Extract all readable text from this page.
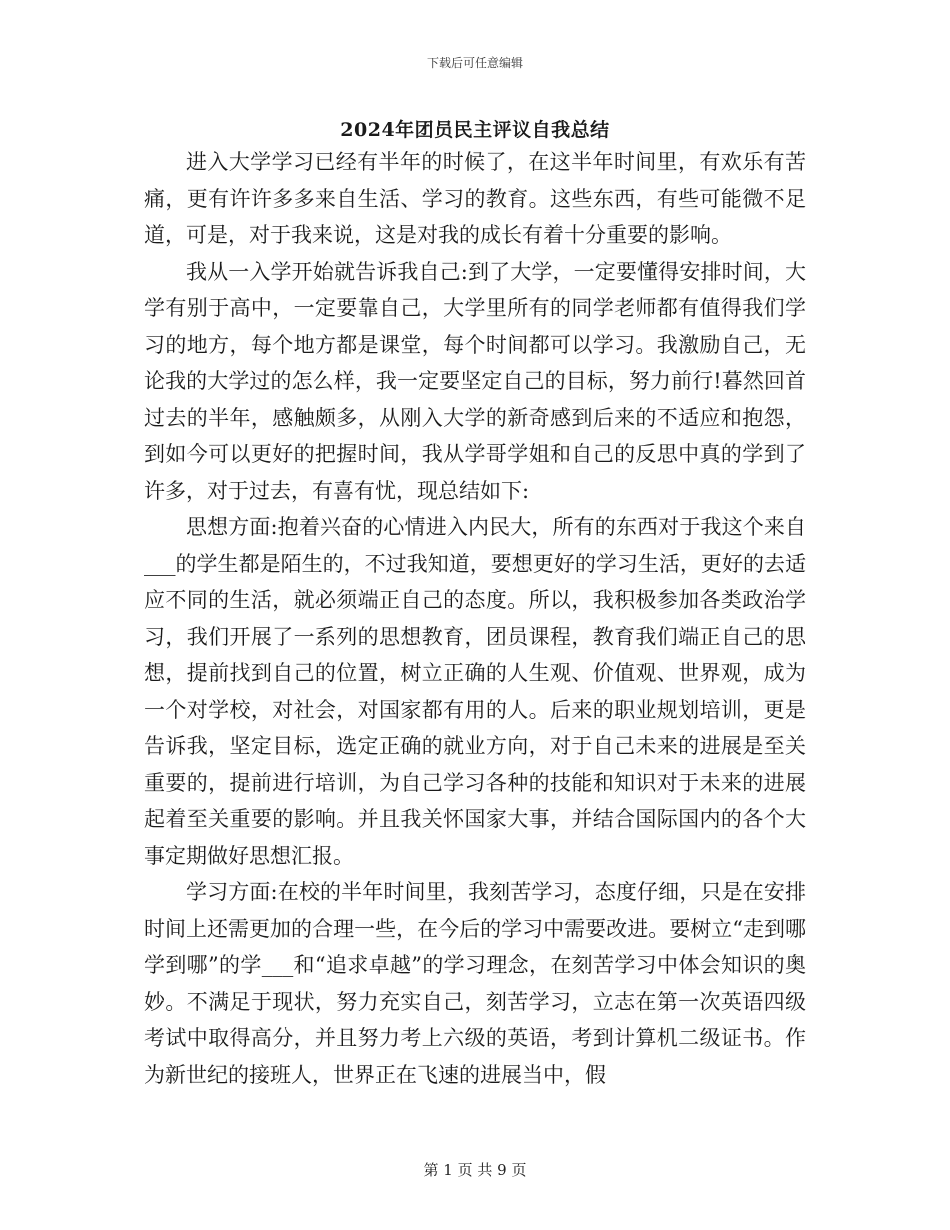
下载后可任意编辑
2024年团员民主评议自我总结

进入大学学习已经有半年的时候了，在这半年时间里，有欢乐有苦痛，更有许许多多来自生活、学习的教育。这些东西，有些可能微不足道，可是，对于我来说，这是对我的成长有着十分重要的影响。

我从一入学开始就告诉我自己:到了大学，一定要懂得安排时间，大学有别于高中，一定要靠自己，大学里所有的同学老师都有值得我们学习的地方，每个地方都是课堂，每个时间都可以学习。我激励自己，无论我的大学过的怎么样，我一定要坚定自己的目标，努力前行!暮然回首过去的半年，感触颇多，从刚入大学的新奇感到后来的不适应和抱怨，到如今可以更好的把握时间，我从学哥学姐和自己的反思中真的学到了许多，对于过去，有喜有忧，现总结如下:

思想方面:抱着兴奋的心情进入内民大，所有的东西对于我这个来自___的学生都是陌生的，不过我知道，要想更好的学习生活，更好的去适应不同的生活，就必须端正自己的态度。所以，我积极参加各类政治学习，我们开展了一系列的思想教育，团员课程，教育我们端正自己的思想，提前找到自己的位置，树立正确的人生观、价值观、世界观，成为一个对学校，对社会，对国家都有用的人。后来的职业规划培训，更是告诉我，坚定目标，选定正确的就业方向，对于自己未来的进展是至关重要的，提前进行培训，为自己学习各种的技能和知识对于未来的进展起着至关重要的影响。并且我关怀国家大事，并结合国际国内的各个大事定期做好思想汇报。

学习方面:在校的半年时间里，我刻苦学习，态度仔细，只是在安排时间上还需更加的合理一些，在今后的学习中需要改进。要树立“走到哪学到哪”的学___和“追求卓越”的学习理念，在刻苦学习中体会知识的奥妙。不满足于现状，努力充实自己，刻苦学习，立志在第一次英语四级考试中取得高分，并且努力考上六级的英语，考到计算机二级证书。作为新世纪的接班人，世界正在飞速的进展当中，假

第 1 页 共 9 页
